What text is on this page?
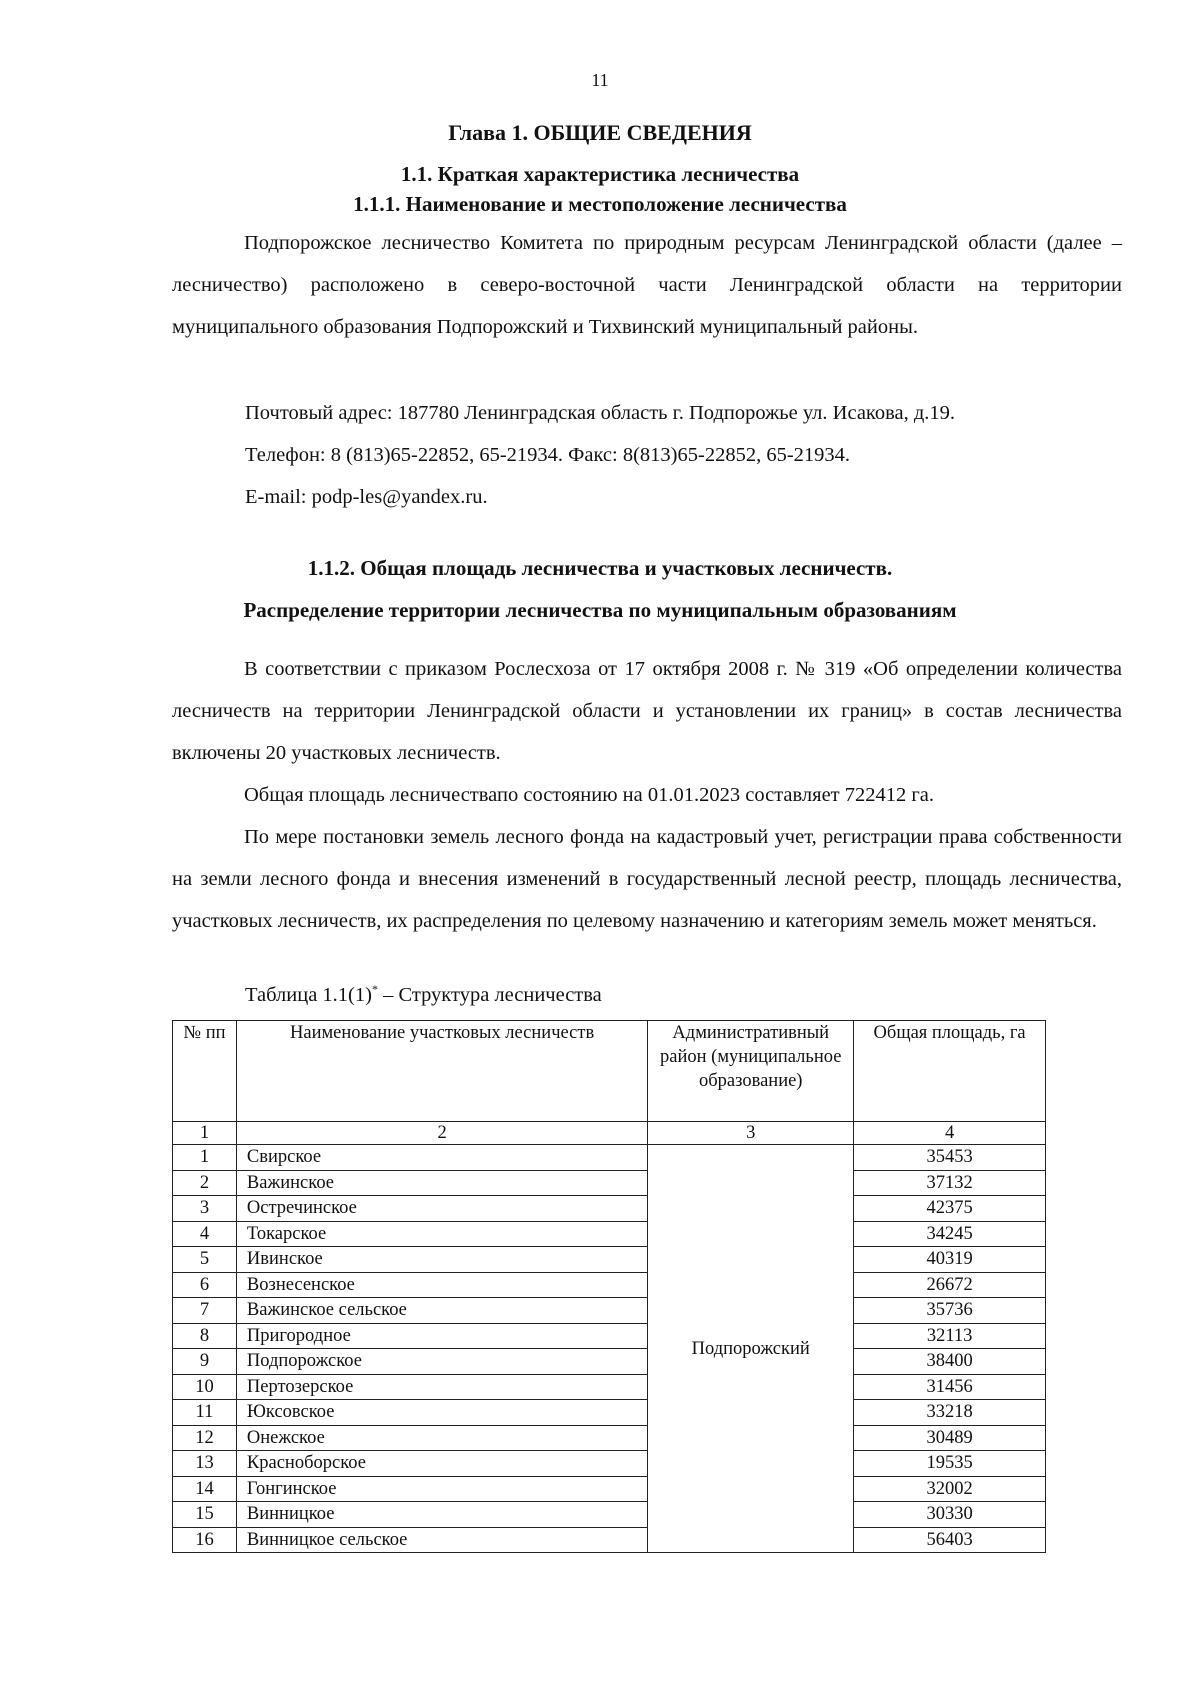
11
Глава 1. ОБЩИЕ СВЕДЕНИЯ
1.1. Краткая характеристика лесничества
1.1.1. Наименование и местоположение лесничества

Подпорожское лесничество Комитета по природным ресурсам Ленинградской области (далее – лесничество) расположено в северо-восточной части Ленинградской области на территории муниципального образования Подпорожский и Тихвинский муниципальный районы.

Почтовый адрес: 187780 Ленинградская область г. Подпорожье ул. Исакова, д.19.
Телефон: 8 (813)65-22852, 65-21934. Факс: 8(813)65-22852, 65-21934.
E-mail: podp-les@yandex.ru.
1.1.2. Общая площадь лесничества и участковых лесничеств.
Распределение территории лесничества по муниципальным образованиям

В соответствии с приказом Рослесхоза от 17 октября 2008 г. № 319 «Об определении количества лесничеств на территории Ленинградской области и установлении их границ» в состав лесничества включены 20 участковых лесничеств.

Общая площадь лесничествапо состоянию на 01.01.2023 составляет 722412 га.

По мере постановки земель лесного фонда на кадастровый учет, регистрации права собственности на земли лесного фонда и внесения изменений в государственный лесной реестр, площадь лесничества, участковых лесничеств, их распределения по целевому назначению и категориям земель может меняться.

Таблица 1.1(1)* – Структура лесничества
№ пп	Наименование участковых лесничеств	Административный район (муниципальное образование)	Общая площадь, га
1	2	3	4
1	Свирское	Подпорожский	35453
2	Важинское		37132
3	Остречинское		42375
4	Токарское		34245
5	Ивинское		40319
6	Вознесенское		26672
7	Важинское сельское		35736
8	Пригородное		32113
9	Подпорожское		38400
10	Пертозерское		31456
11	Юксовское		33218
12	Онежское		30489
13	Красноборское		19535
14	Гонгинское		32002
15	Винницкое		30330
16	Винницкое сельское		56403
